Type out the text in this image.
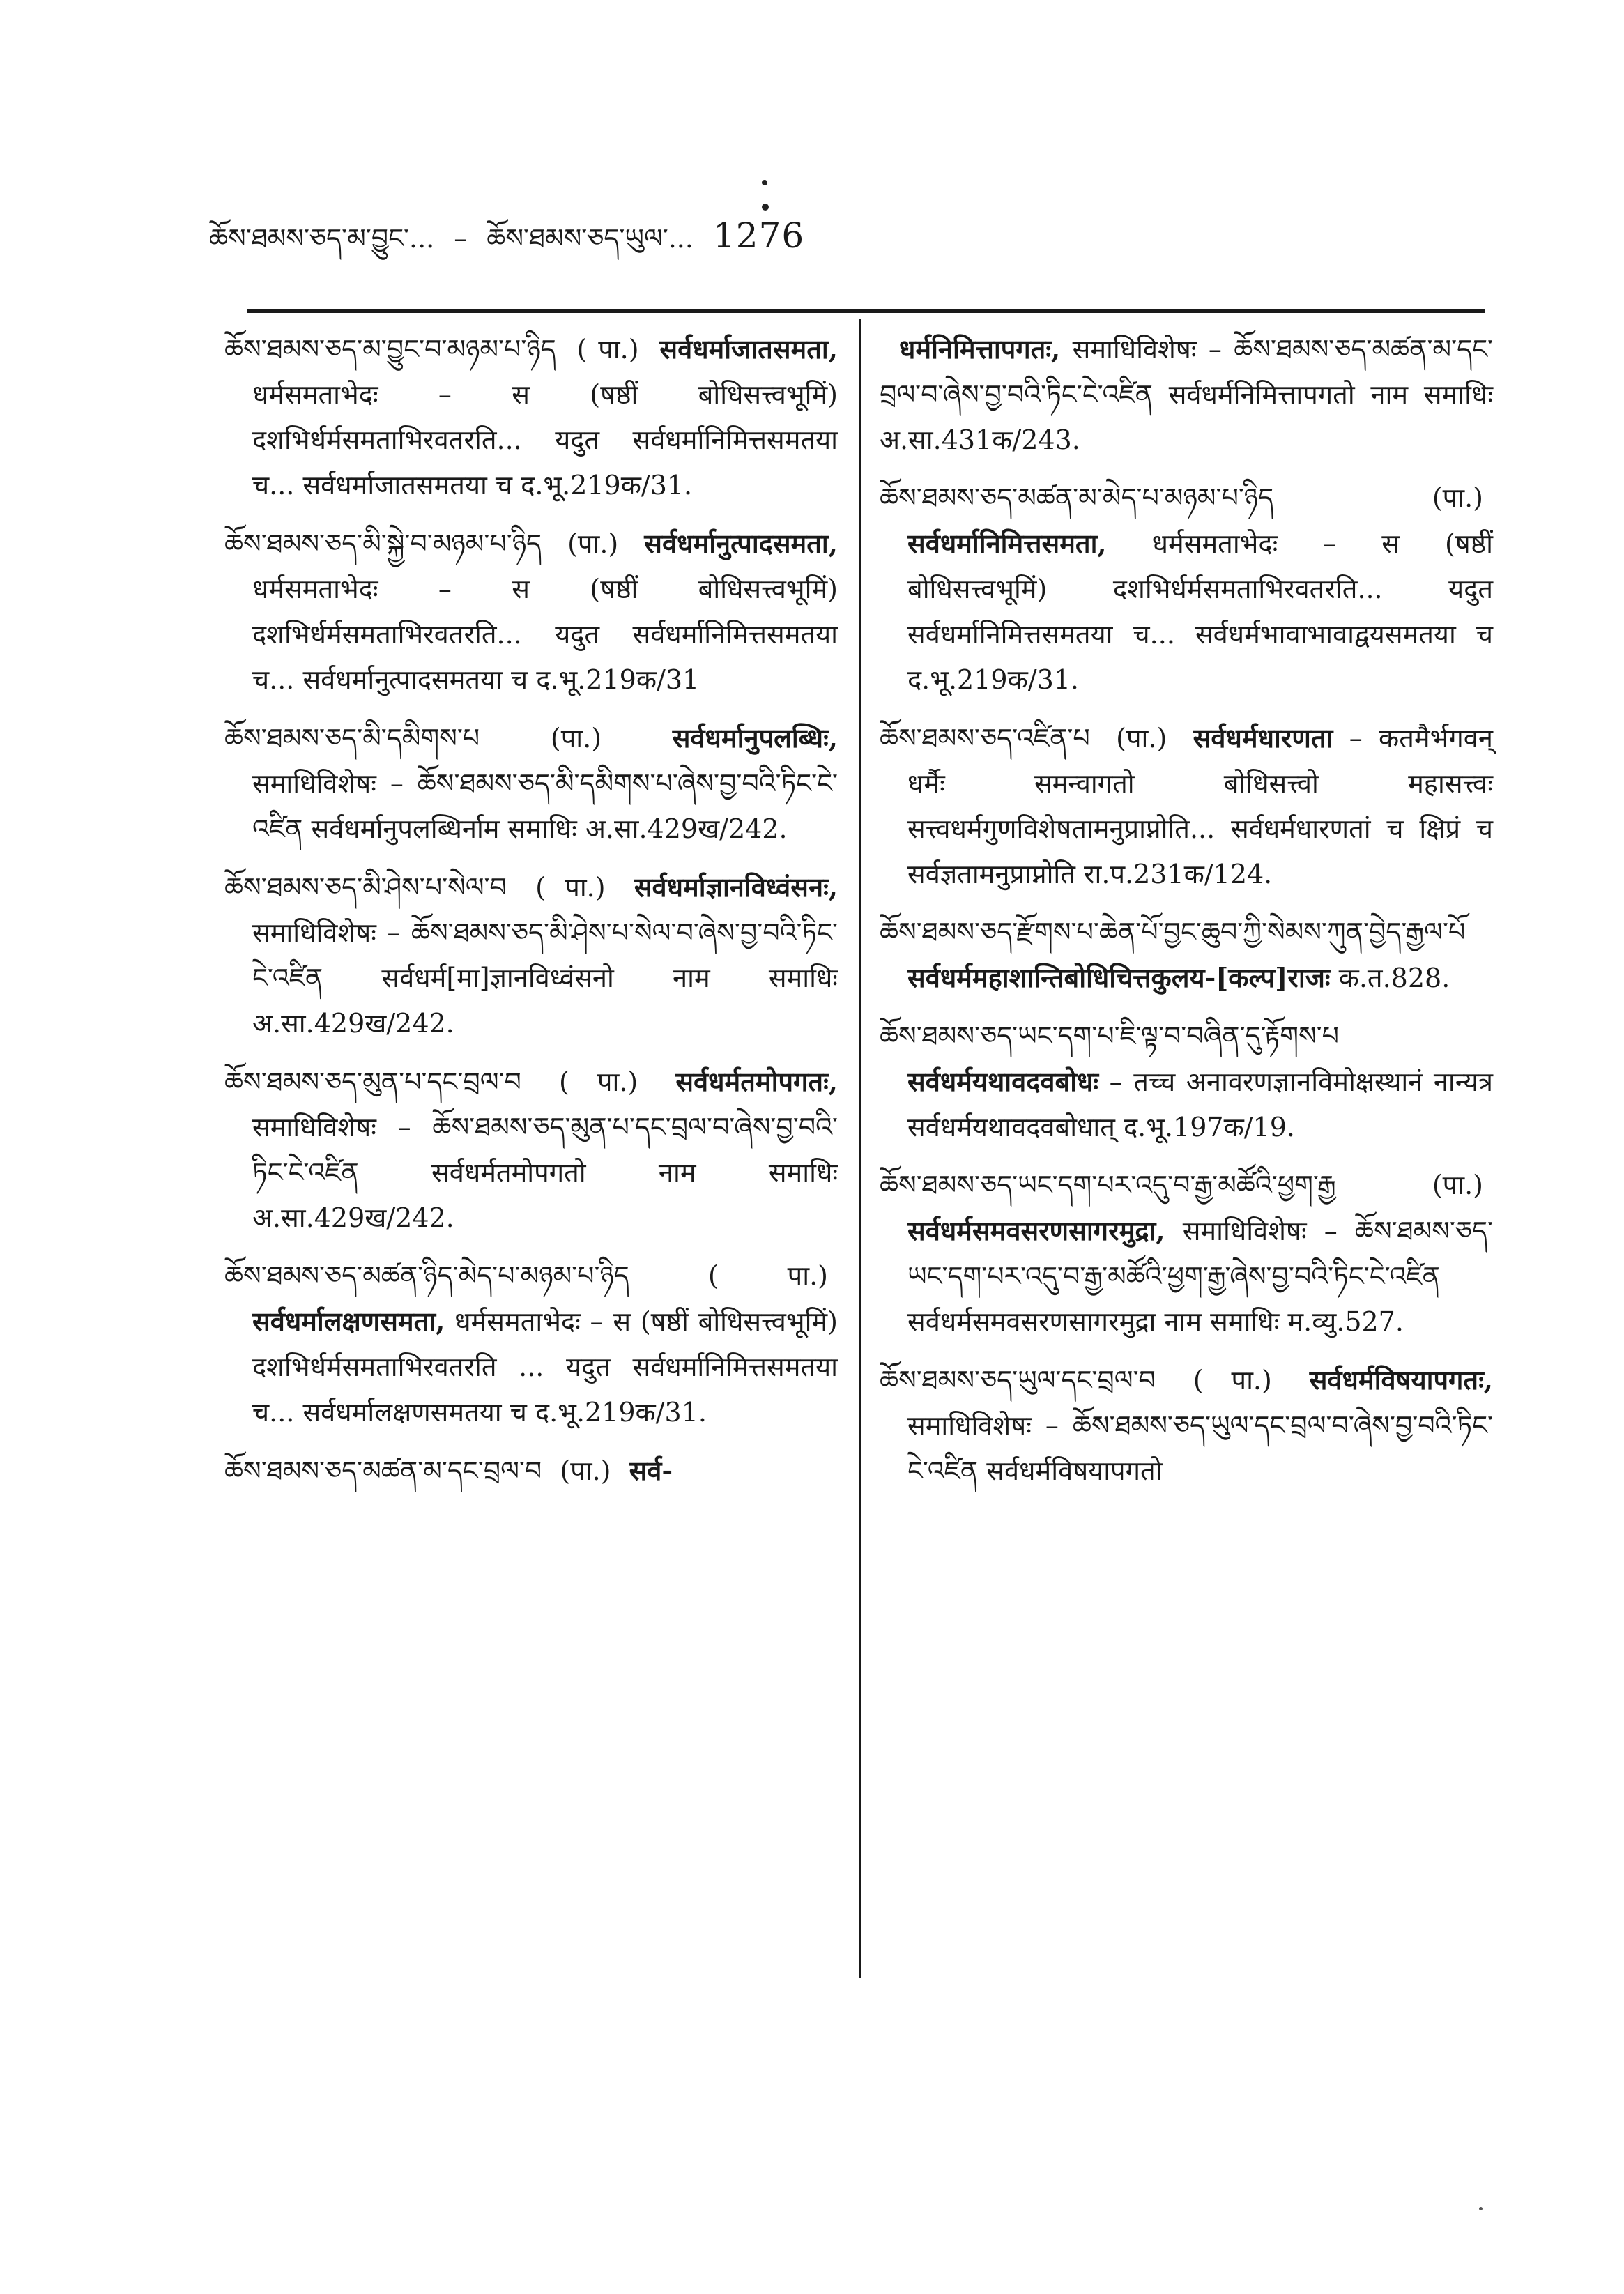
ཆོས་ཐམས་ཅད་མ་བྱུང་... – ཆོས་ཐམས་ཅད་ཡུལ་... 1276

ཆོས་ཐམས་ཅད་མ་བྱུང་བ་མཉམ་པ་ཉིད ( पा.) सर्वधर्माजातसमता, धर्मसमताभेदः – स (षष्ठीं बोधिसत्त्वभूमिं) दशभिर्धर्मसमताभिरवतरति... यदुत सर्वधर्मानिमित्तसमतया च... सर्वधर्माजातसमतया च द.भू.219क/31.

ཆོས་ཐམས་ཅད་མི་སྐྱེ་བ་མཉམ་པ་ཉིད (पा.) सर्वधर्मानुत्पादसमता, धर्मसमताभेदः – स (षष्ठीं बोधिसत्त्वभूमिं) दशभिर्धर्मसमताभिरवतरति... यदुत सर्वधर्मानिमित्तसमतया च... सर्वधर्मानुत्पादसमतया च द.भू.219क/31

ཆོས་ཐམས་ཅད་མི་དམིགས་པ	(पा.)	सर्वधर्मानुपलब्धिः, समाधिविशेषः – ཆོས་ཐམས་ཅད་མི་དམིགས་པ་ཞེས་བྱ་བའི་ཏིང་ངེ་འཛིན सर्वधर्मानुपलब्धिर्नाम समाधिः अ.सा.429ख/242.

ཆོས་ཐམས་ཅད་མི་ཤེས་པ་སེལ་བ ( पा.) सर्वधर्माज्ञानविध्वंसनः, समाधिविशेषः – ཆོས་ཐམས་ཅད་མི་ཤེས་པ་སེལ་བ་ཞེས་བྱ་བའི་ཏིང་ངེ་འཛིན सर्वधर्म[मा]ज्ञानविध्वंसनो नाम समाधिः अ.सा.429ख/242.

ཆོས་ཐམས་ཅད་མུན་པ་དང་བྲལ་བ ( पा.) सर्वधर्मतमोपगतः, समाधिविशेषः – ཆོས་ཐམས་ཅད་མུན་པ་དང་བྲལ་བ་ཞེས་བྱ་བའི་ཏིང་ངེ་འཛིན सर्वधर्मतमोपगतो नाम समाधिः अ.सा.429ख/242.

ཆོས་ཐམས་ཅད་མཚན་ཉིད་མེད་པ་མཉམ་པ་ཉིད	( पा.) सर्वधर्मालक्षणसमता, धर्मसमताभेदः – स (षष्ठीं बोधिसत्त्वभूमिं) दशभिर्धर्मसमताभिरवतरति ... यदुत सर्वधर्मानिमित्तसमतया च... सर्वधर्मालक्षणसमतया च द.भू.219क/31.

ཆོས་ཐམས་ཅད་མཚན་མ་དང་བྲལ་བ (पा.) सर्व-

धर्मनिमित्तापगतः, समाधिविशेषः – ཆོས་ཐམས་ཅད་མཚན་མ་དང་བྲལ་བ་ཞེས་བྱ་བའི་ཏིང་ངེ་འཛིན सर्वधर्मनिमित्तापगतो नाम समाधिः अ.सा.431क/243.

ཆོས་ཐམས་ཅད་མཚན་མ་མེད་པ་མཉམ་པ་ཉིད	(पा.) सर्वधर्मानिमित्तसमता, धर्मसमताभेदः – स (षष्ठीं बोधिसत्त्वभूमिं) दशभिर्धर्मसमताभिरवतरति... यदुत सर्वधर्मानिमित्तसमतया च... सर्वधर्मभावाभावाद्वयसमतया च द.भू.219क/31.

ཆོས་ཐམས་ཅད་འཛིན་པ (पा.) सर्वधर्मधारणता – कतमैर्भगवन् धर्मैः समन्वागतो बोधिसत्त्वो महासत्त्वः सत्त्वधर्मगुणविशेषतामनुप्राप्नोति... सर्वधर्मधारणतां च क्षिप्रं च सर्वज्ञतामनुप्राप्नोति रा.प.231क/124.

ཆོས་ཐམས་ཅད་རྫོགས་པ་ཆེན་པོ་བྱང་ཆུབ་ཀྱི་སེམས་ཀུན་བྱེད་རྒྱལ་པོ सर्वधर्ममहाशान्तिबोधिचित्तकुलय-[कल्प]राजः क.त.828.

ཆོས་ཐམས་ཅད་ཡང་དག་པ་ཇི་ལྟ་བ་བཞིན་དུ་རྟོགས་པ सर्वधर्मयथावदवबोधः – तच्च अनावरणज्ञानविमोक्षस्थानं नान्यत्र सर्वधर्मयथावदवबोधात् द.भू.197क/19.

ཆོས་ཐམས་ཅད་ཡང་དག་པར་འདུ་བ་རྒྱ་མཚོའི་ཕྱག་རྒྱ	(पा.) सर्वधर्मसमवसरणसागरमुद्रा, समाधिविशेषः – ཆོས་ཐམས་ཅད་ཡང་དག་པར་འདུ་བ་རྒྱ་མཚོའི་ཕྱག་རྒྱ་ཞེས་བྱ་བའི་ཏིང་ངེ་འཛིན सर्वधर्मसमवसरणसागरमुद्रा नाम समाधिः म.व्यु.527.

ཆོས་ཐམས་ཅད་ཡུལ་དང་བྲལ་བ ( पा.) सर्वधर्मविषयापगतः, समाधिविशेषः – ཆོས་ཐམས་ཅད་ཡུལ་དང་བྲལ་བ་ཞེས་བྱ་བའི་ཏིང་ངེ་འཛིན सर्वधर्मविषयापगतो
